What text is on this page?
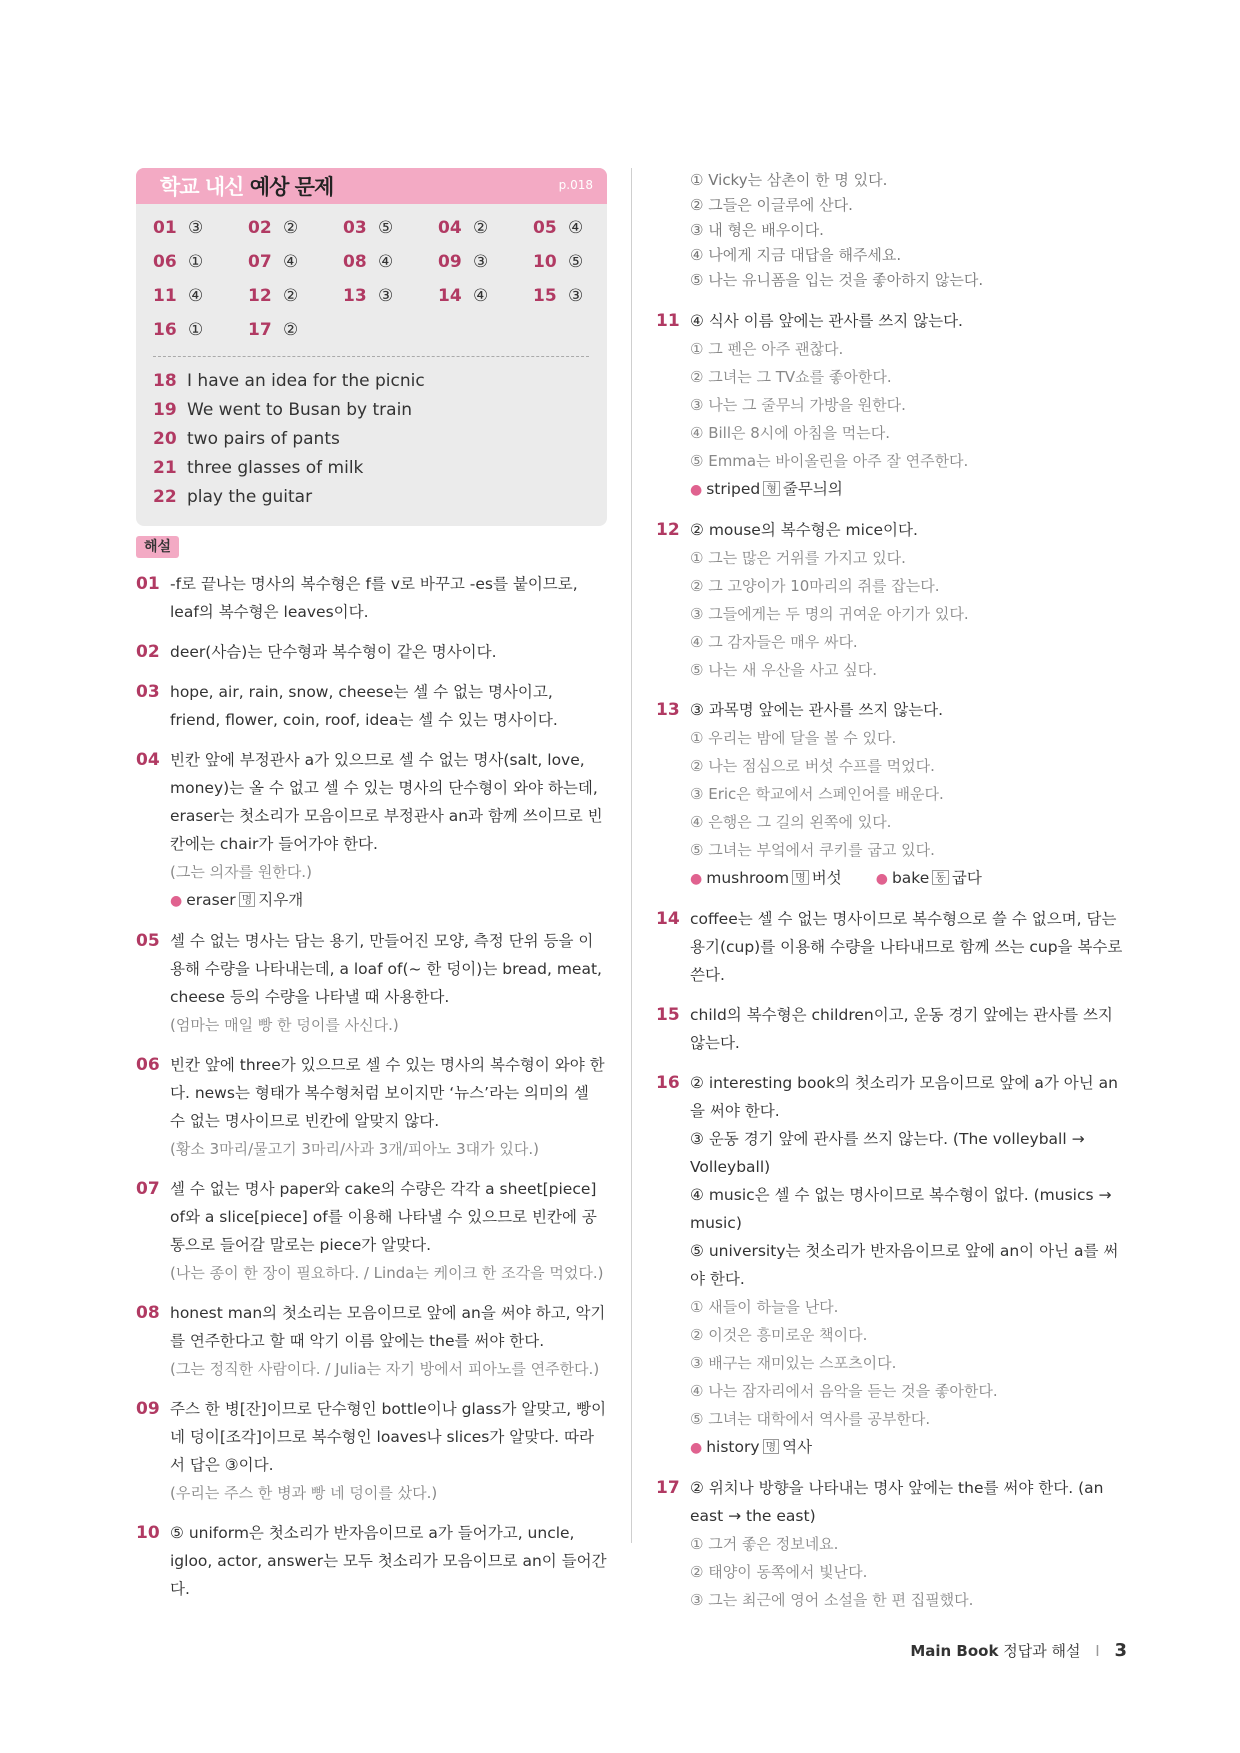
학교 내신 예상 문제	p.018
01 ③	02 ②	03 ⑤	04 ②	05 ④
06 ①	07 ④	08 ④	09 ③	10 ⑤
11 ④	12 ②	13 ③	14 ④	15 ③
16 ①	17 ②
18 I have an idea for the picnic
19 We went to Busan by train
20 two pairs of pants
21 three glasses of milk
22 play the guitar
해설
01 -f로 끝나는 명사의 복수형은 f를 v로 바꾸고 -es를 붙이므로, leaf의 복수형은 leaves이다.
02 deer(사슴)는 단수형과 복수형이 같은 명사이다.
03 hope, air, rain, snow, cheese는 셀 수 없는 명사이고, friend, flower, coin, roof, idea는 셀 수 있는 명사이다.
04 빈칸 앞에 부정관사 a가 있으므로 셀 수 없는 명사(salt, love, money)는 올 수 없고 셀 수 있는 명사의 단수형이 와야 하는데, eraser는 첫소리가 모음이므로 부정관사 an과 함께 쓰이므로 빈칸에는 chair가 들어가야 한다.
(그는 의자를 원한다.)
● eraser 명 지우개
05 셀 수 없는 명사는 담는 용기, 만들어진 모양, 측정 단위 등을 이용해 수량을 나타내는데, a loaf of(~ 한 덩이)는 bread, meat, cheese 등의 수량을 나타낼 때 사용한다.
(엄마는 매일 빵 한 덩이를 사신다.)
06 빈칸 앞에 three가 있으므로 셀 수 있는 명사의 복수형이 와야 한다. news는 형태가 복수형처럼 보이지만 ‘뉴스’라는 의미의 셀 수 없는 명사이므로 빈칸에 알맞지 않다.
(황소 3마리/물고기 3마리/사과 3개/피아노 3대가 있다.)
07 셀 수 없는 명사 paper와 cake의 수량은 각각 a sheet[piece] of와 a slice[piece] of를 이용해 나타낼 수 있으므로 빈칸에 공통으로 들어갈 말로는 piece가 알맞다.
(나는 종이 한 장이 필요하다. / Linda는 케이크 한 조각을 먹었다.)
08 honest man의 첫소리는 모음이므로 앞에 an을 써야 하고, 악기를 연주한다고 할 때 악기 이름 앞에는 the를 써야 한다.
(그는 정직한 사람이다. / Julia는 자기 방에서 피아노를 연주한다.)
09 주스 한 병[잔]이므로 단수형인 bottle이나 glass가 알맞고, 빵이 네 덩이[조각]이므로 복수형인 loaves나 slices가 알맞다. 따라서 답은 ③이다.
(우리는 주스 한 병과 빵 네 덩이를 샀다.)
10 ⑤ uniform은 첫소리가 반자음이므로 a가 들어가고, uncle, igloo, actor, answer는 모두 첫소리가 모음이므로 an이 들어간다.
① Vicky는 삼촌이 한 명 있다.
② 그들은 이글루에 산다.
③ 내 형은 배우이다.
④ 나에게 지금 대답을 해주세요.
⑤ 나는 유니폼을 입는 것을 좋아하지 않는다.
11 ④ 식사 이름 앞에는 관사를 쓰지 않는다.
① 그 펜은 아주 괜찮다.
② 그녀는 그 TV쇼를 좋아한다.
③ 나는 그 줄무늬 가방을 원한다.
④ Bill은 8시에 아침을 먹는다.
⑤ Emma는 바이올린을 아주 잘 연주한다.
● striped 형 줄무늬의
12 ② mouse의 복수형은 mice이다.
① 그는 많은 거위를 가지고 있다.
② 그 고양이가 10마리의 쥐를 잡는다.
③ 그들에게는 두 명의 귀여운 아기가 있다.
④ 그 감자들은 매우 싸다.
⑤ 나는 새 우산을 사고 싶다.
13 ③ 과목명 앞에는 관사를 쓰지 않는다.
① 우리는 밤에 달을 볼 수 있다.
② 나는 점심으로 버섯 수프를 먹었다.
③ Eric은 학교에서 스페인어를 배운다.
④ 은행은 그 길의 왼쪽에 있다.
⑤ 그녀는 부엌에서 쿠키를 굽고 있다.
● mushroom 명 버섯 ● bake 동 굽다
14 coffee는 셀 수 없는 명사이므로 복수형으로 쓸 수 없으며, 담는 용기(cup)를 이용해 수량을 나타내므로 함께 쓰는 cup을 복수로 쓴다.
15 child의 복수형은 children이고, 운동 경기 앞에는 관사를 쓰지 않는다.
16 ② interesting book의 첫소리가 모음이므로 앞에 a가 아닌 an을 써야 한다.
③ 운동 경기 앞에 관사를 쓰지 않는다. (The volleyball → Volleyball)
④ music은 셀 수 없는 명사이므로 복수형이 없다. (musics → music)
⑤ university는 첫소리가 반자음이므로 앞에 an이 아닌 a를 써야 한다.
① 새들이 하늘을 난다.
② 이것은 흥미로운 책이다.
③ 배구는 재미있는 스포츠이다.
④ 나는 잠자리에서 음악을 듣는 것을 좋아한다.
⑤ 그녀는 대학에서 역사를 공부한다.
● history 명 역사
17 ② 위치나 방향을 나타내는 명사 앞에는 the를 써야 한다. (an east → the east)
① 그거 좋은 정보네요.
② 태양이 동쪽에서 빛난다.
③ 그는 최근에 영어 소설을 한 편 집필했다.
Main Book 정답과 해설 I 3
